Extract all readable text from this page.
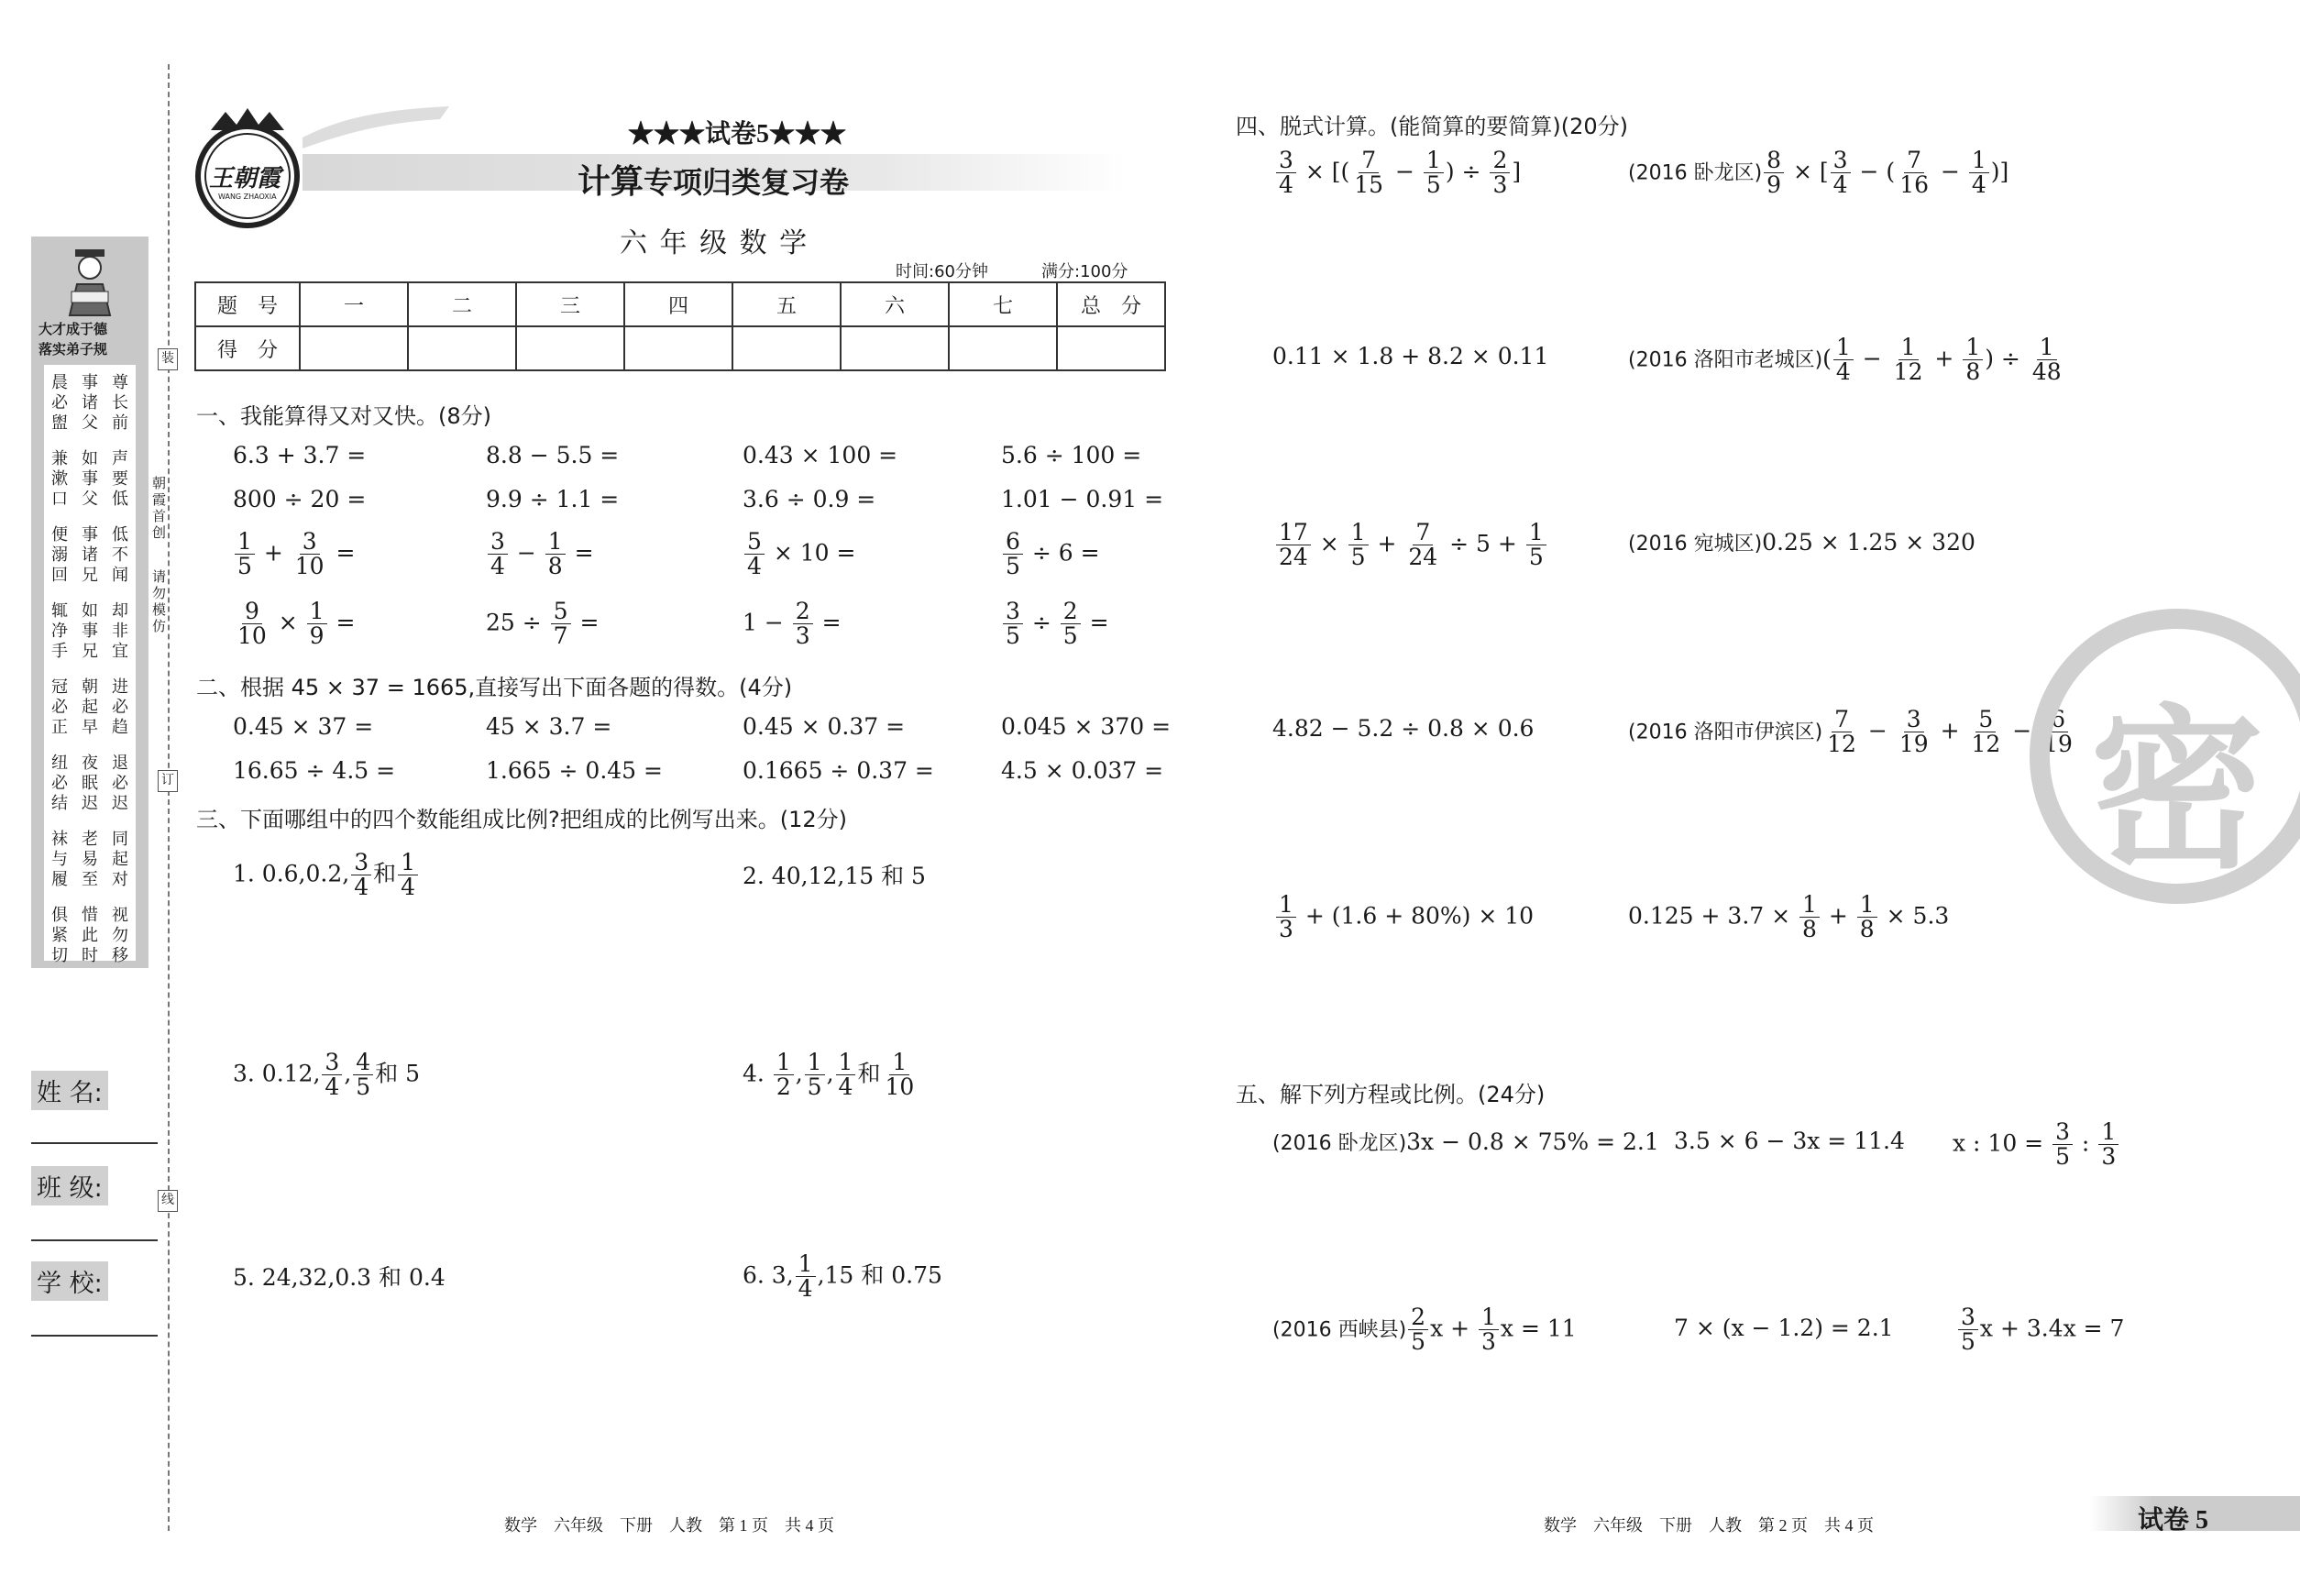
大才成于德
落实弟子规
晨必盥
事诸父
尊长前
兼漱口
如事父
声要低
便溺回
事诸兄
低不闻
辄净手
如事兄
却非宜
冠必正
朝起早
进必趋
纽必结
夜眠迟
退必迟
袜与履
老易至
同起对
俱紧切
惜此时
视勿移
朝霞首创
请勿模仿
装
订
线
姓 名:
班 级:
学 校:
王朝霞
WANG ZHAOXIA
★★★试卷5★★★
计算专项归类复习卷
六 年 级 数 学
时间:60分钟	满分:100分
题　号	一	二	三	四	五	六	七	总　分
得　分								
一、我能算得又对又快。(8分)
6.3 + 3.7 =	8.8 − 5.5 =	0.43 × 100 =	5.6 ÷ 100 =
800 ÷ 20 =	9.9 ÷ 1.1 =	3.6 ÷ 0.9 =	1.01 − 0.91 =
$\frac{1}{5} + \frac{3}{10}$ =	$\frac{3}{4} - \frac{1}{8}$ =	$\frac{5}{4} \times 10$ =	$\frac{6}{5} \div 6$ =
$\frac{9}{10} \times \frac{1}{9}$ =	$25 \div \frac{5}{7}$ =	$1 - \frac{2}{3}$ =	$\frac{3}{5} \div \frac{2}{5}$ =
二、根据 45 × 37 = 1665,直接写出下面各题的得数。(4分)
0.45 × 37 =	45 × 3.7 =	0.45 × 0.37 =	0.045 × 370 =
16.65 ÷ 4.5 =	1.665 ÷ 0.45 =	0.1665 ÷ 0.37 =	4.5 × 0.037 =
三、下面哪组中的四个数能组成比例?把组成的比例写出来。(12分)
1. 0.6,0.2, $\frac{3}{4}$ 和 $\frac{1}{4}$	2. 40,12,15 和 5
3. 0.12, $\frac{3}{4}$ , $\frac{4}{5}$ 和 5	4. $\frac{1}{2}$ , $\frac{1}{5}$ , $\frac{1}{4}$ 和 $\frac{1}{10}$
5. 24,32,0.3 和 0.4	6. 3, $\frac{1}{4} ,15$ 和 0.75
四、脱式计算。(能简算的要简算)(20分)
$\frac{3}{4}$ × [( $\frac{7}{15} - \frac{1}{5}$ ) ÷ $\frac{2}{3}$ ]	(2016 卧龙区) $\frac{8}{9}$ × [ $\frac{3}{4}$ − ( $\frac{7}{16} - \frac{1}{4}$ )]
0.11 × 1.8 + 8.2 × 0.11	(2016 洛阳市老城区)( $\frac{1}{4} - \frac{1}{12} + \frac{1}{8}$ ) ÷ $\frac{1}{48}$
$\frac{17}{24} \times \frac{1}{5} + \frac{7}{24} \div 5 + \frac{1}{5}$	(2016 宛城区)0.25 × 1.25 × 320
4.82 − 5.2 ÷ 0.8 × 0.6	(2016 洛阳市伊滨区) $\frac{7}{12} - \frac{3}{19} + \frac{5}{12} - \frac{6}{19}$
$\frac{1}{3} + (1.6 + 80\%) \times 10$	$0.125 + 3.7 \times \frac{1}{8} + \frac{1}{8} \times 5.3$
密
五、解下列方程或比例。(24分)
(2016 卧龙区)3x − 0.8 × 75% = 2.1 3.5 × 6 − 3x = 11.4 x : $10 = \frac{3}{5}$ : $\frac{1}{3}$
(2016 西峡县) $\frac{2}{5}$ $x + \frac{1}{3}$ x = 11	7 × (x − 1.2) = 2.1	$\frac{3}{5}$ x + 3.4x = 7
数学　六年级　下册　人教　第 1 页　共 4 页	数学　六年级　下册　人教　第 2 页　共 4 页	试卷 5
